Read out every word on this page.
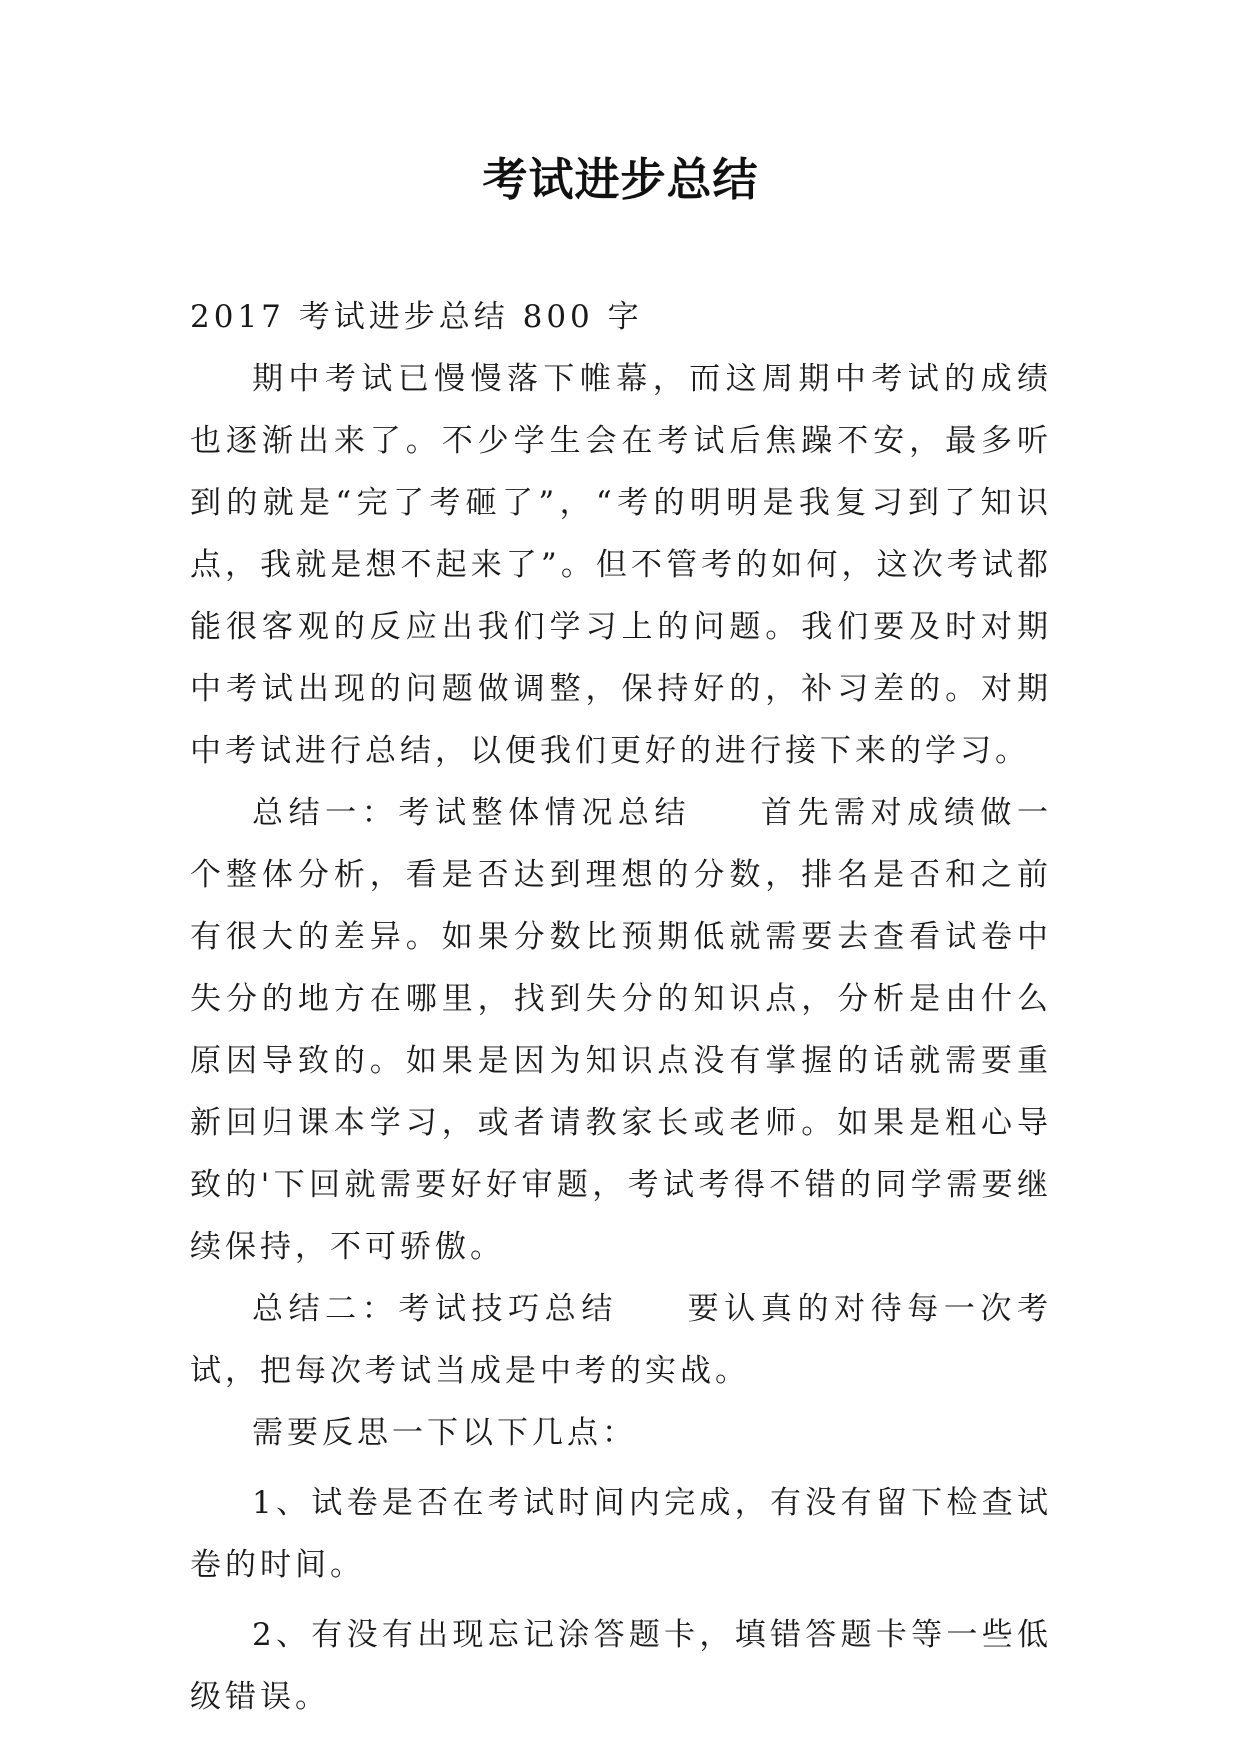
考试进步总结

2017 考试进步总结 800 字

期中考试已慢慢落下帷幕，而这周期中考试的成绩也逐渐出来了。不少学生会在考试后焦躁不安，最多听到的就是“完了考砸了”，“考的明明是我复习到了知识点，我就是想不起来了”。但不管考的如何，这次考试都能很客观的反应出我们学习上的问题。我们要及时对期中考试出现的问题做调整，保持好的，补习差的。对期中考试进行总结，以便我们更好的进行接下来的学习。

总结一：考试整体情况总结 首先需对成绩做一个整体分析，看是否达到理想的分数，排名是否和之前有很大的差异。如果分数比预期低就需要去查看试卷中失分的地方在哪里，找到失分的知识点，分析是由什么原因导致的。如果是因为知识点没有掌握的话就需要重新回归课本学习，或者请教家长或老师。如果是粗心导致的'下回就需要好好审题，考试考得不错的同学需要继续保持，不可骄傲。

总结二：考试技巧总结 要认真的对待每一次考试，把每次考试当成是中考的实战。

需要反思一下以下几点：

1、试卷是否在考试时间内完成，有没有留下检查试卷的时间。

2、有没有出现忘记涂答题卡，填错答题卡等一些低级错误。
